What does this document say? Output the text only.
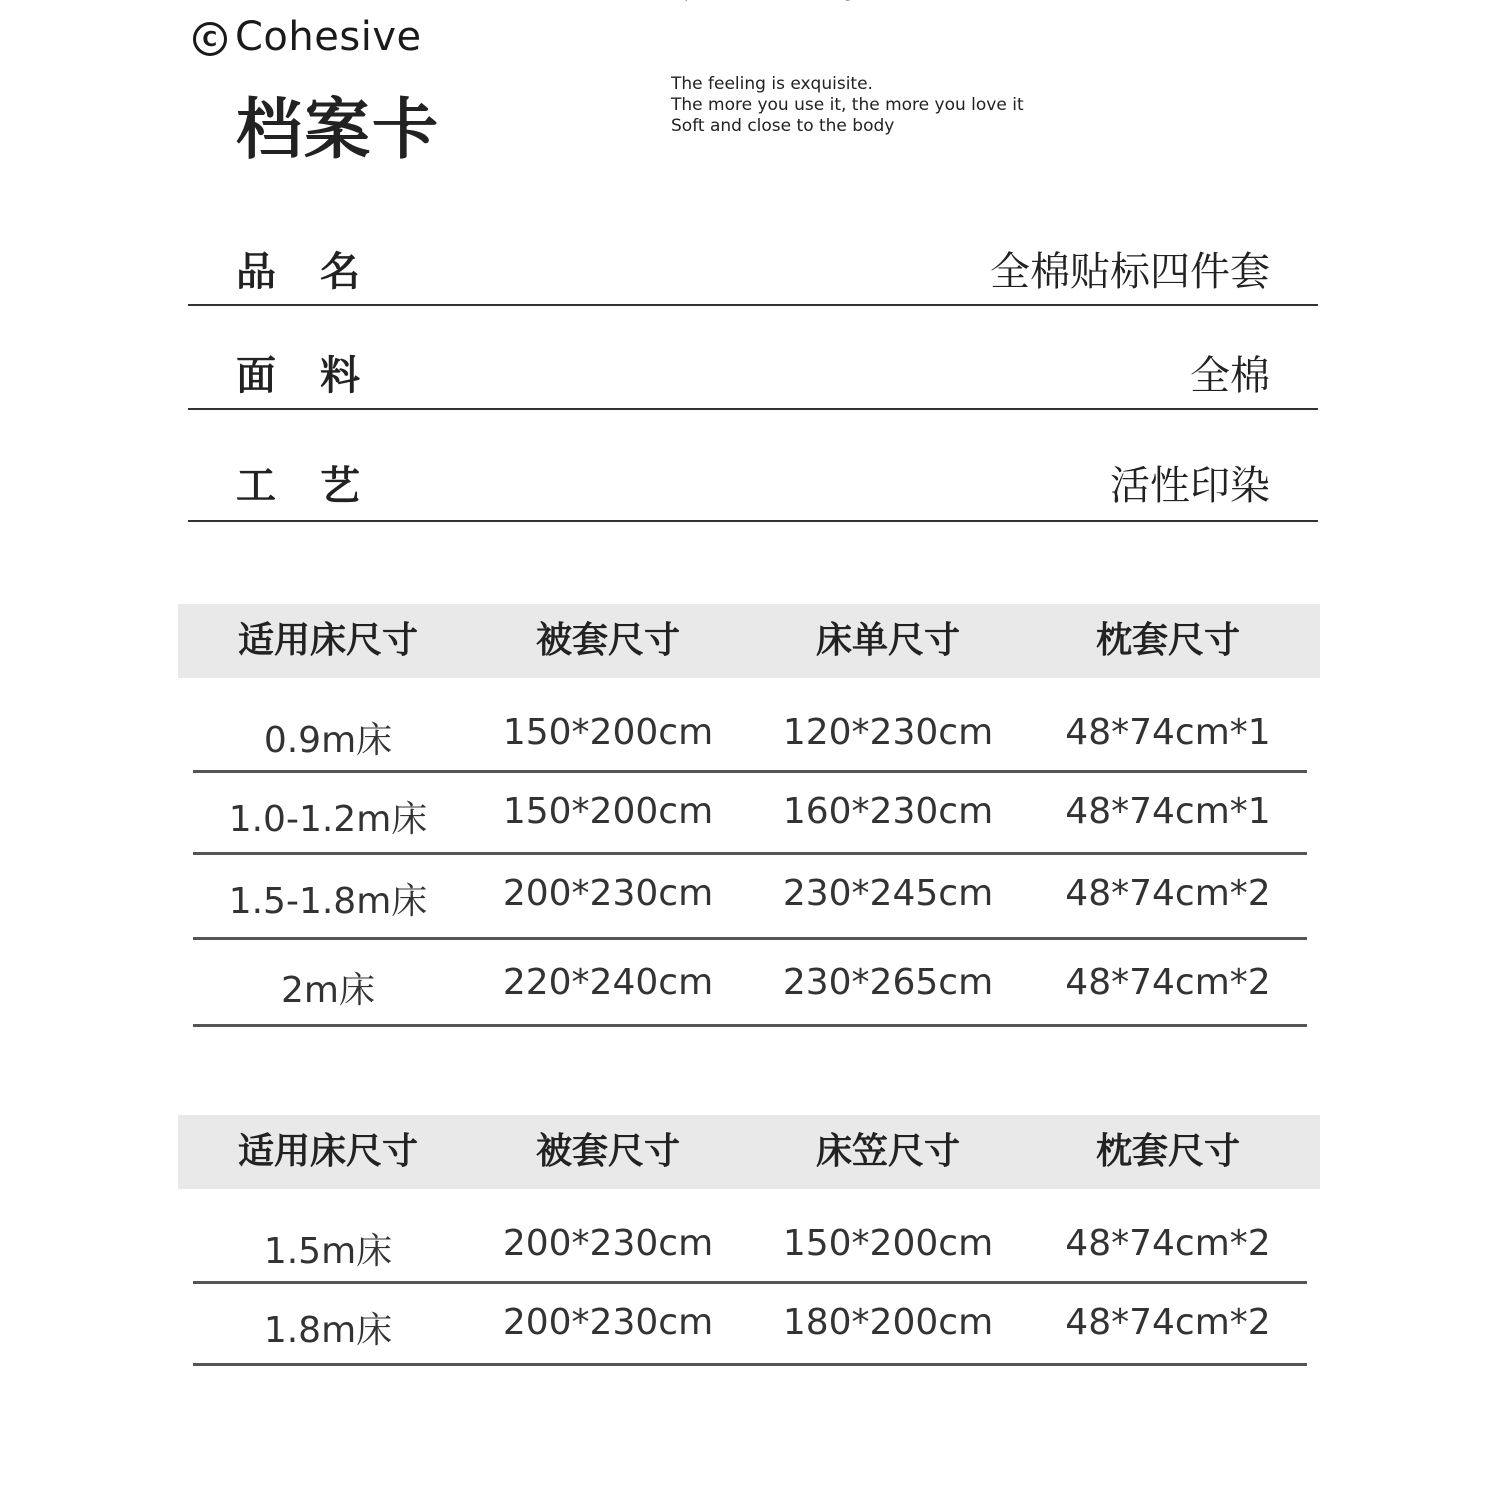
C Cohesive
档案卡
The feeling is exquisite.
The more you use it, the more you love it
Soft and close to the body
品名	全棉贴标四件套
面料	全棉
工艺	活性印染
适用床尺寸	被套尺寸	床单尺寸	枕套尺寸
0.9m床	150*200cm	120*230cm	48*74cm*1
1.0-1.2m床	150*200cm	160*230cm	48*74cm*1
1.5-1.8m床	200*230cm	230*245cm	48*74cm*2
2m床	220*240cm	230*265cm	48*74cm*2
适用床尺寸	被套尺寸	床笠尺寸	枕套尺寸
1.5m床	200*230cm	150*200cm	48*74cm*2
1.8m床	200*230cm	180*200cm	48*74cm*2
